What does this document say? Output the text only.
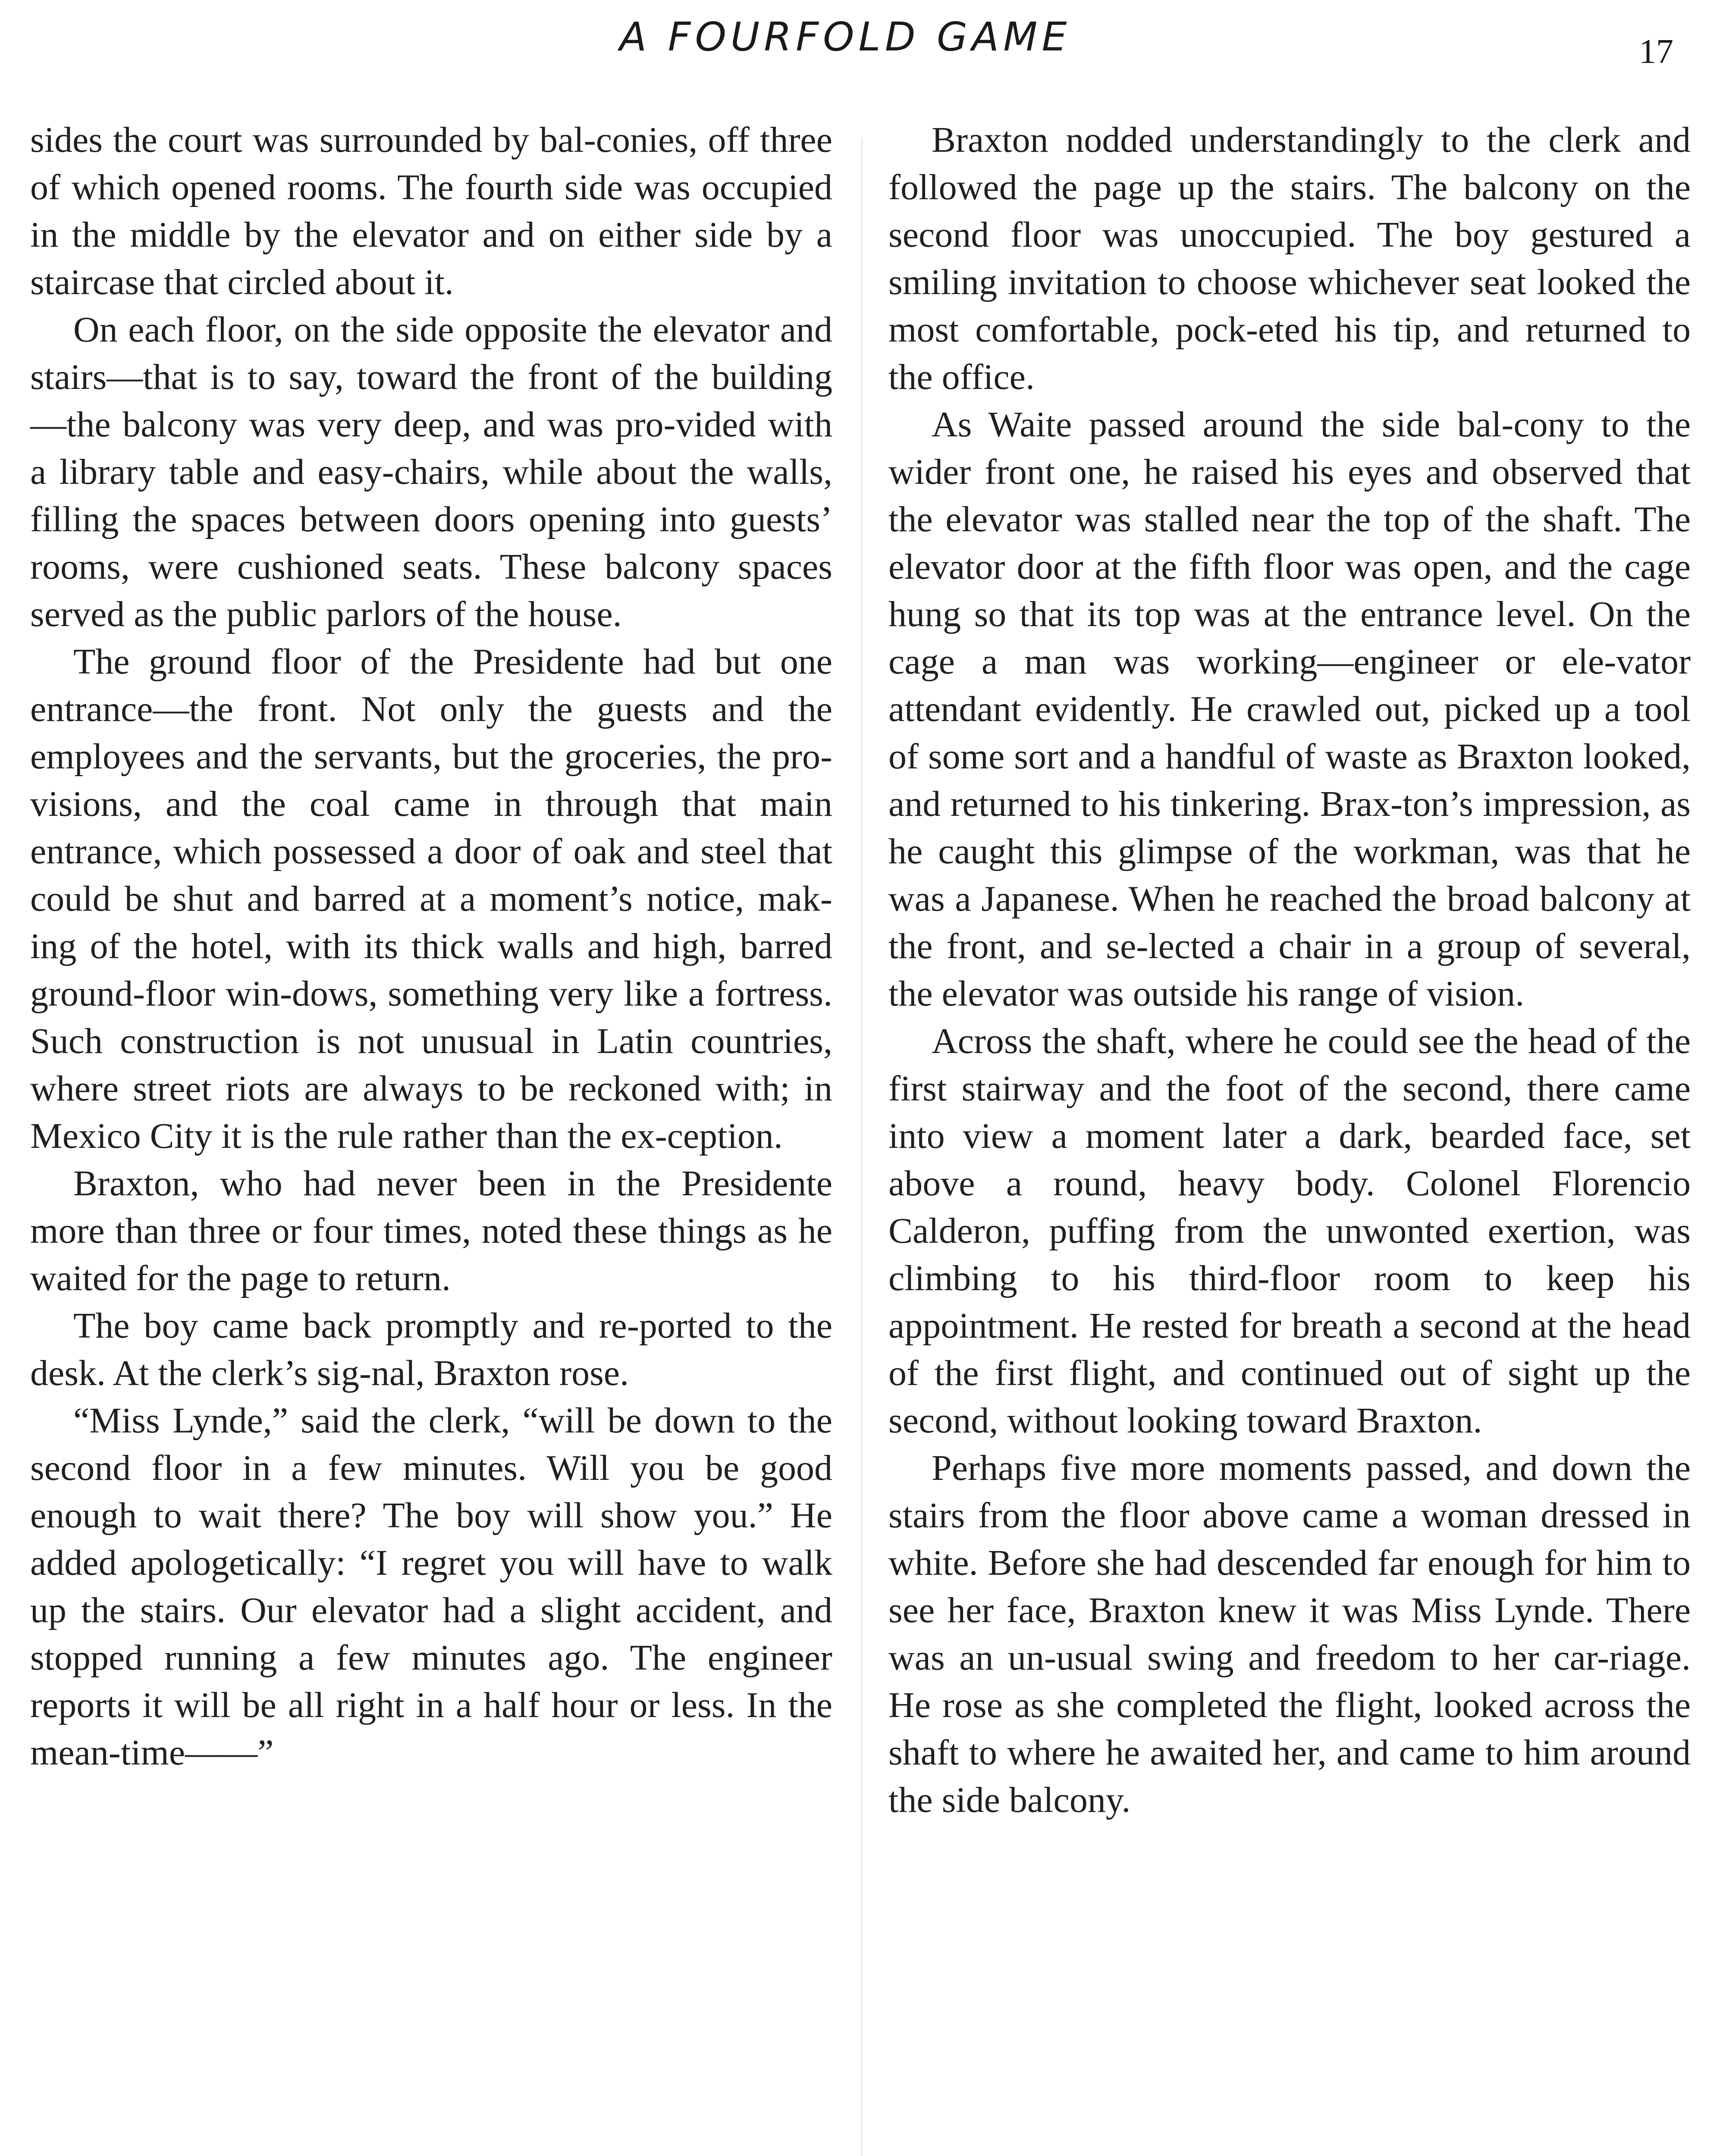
A FOURFOLD GAME	17

sides the court was surrounded by bal-conies, off three of which opened rooms. The fourth side was occupied in the middle by the elevator and on either side by a staircase that circled about it.

On each floor, on the side opposite the elevator and stairs—that is to say, toward the front of the building—the balcony was very deep, and was pro-vided with a library table and easy-chairs, while about the walls, filling the spaces between doors opening into guests’ rooms, were cushioned seats. These balcony spaces served as the public parlors of the house.

The ground floor of the Presidente had but one entrance—the front. Not only the guests and the employees and the servants, but the groceries, the pro-visions, and the coal came in through that main entrance, which possessed a door of oak and steel that could be shut and barred at a moment’s notice, mak-ing of the hotel, with its thick walls and high, barred ground-floor win-dows, something very like a fortress. Such construction is not unusual in Latin countries, where street riots are always to be reckoned with; in Mexico City it is the rule rather than the ex-ception.

Braxton, who had never been in the Presidente more than three or four times, noted these things as he waited for the page to return.

The boy came back promptly and re-ported to the desk. At the clerk’s sig-nal, Braxton rose.

“Miss Lynde,” said the clerk, “will be down to the second floor in a few minutes. Will you be good enough to wait there? The boy will show you.” He added apologetically: “I regret you will have to walk up the stairs. Our elevator had a slight accident, and stopped running a few minutes ago. The engineer reports it will be all right in a half hour or less. In the mean-time——”

Braxton nodded understandingly to the clerk and followed the page up the stairs. The balcony on the second floor was unoccupied. The boy gestured a smiling invitation to choose whichever seat looked the most comfortable, pock-eted his tip, and returned to the office.

As Waite passed around the side bal-cony to the wider front one, he raised his eyes and observed that the elevator was stalled near the top of the shaft. The elevator door at the fifth floor was open, and the cage hung so that its top was at the entrance level. On the cage a man was working—engineer or ele-vator attendant evidently. He crawled out, picked up a tool of some sort and a handful of waste as Braxton looked, and returned to his tinkering. Brax-ton’s impression, as he caught this glimpse of the workman, was that he was a Japanese. When he reached the broad balcony at the front, and se-lected a chair in a group of several, the elevator was outside his range of vision.

Across the shaft, where he could see the head of the first stairway and the foot of the second, there came into view a moment later a dark, bearded face, set above a round, heavy body. Colonel Florencio Calderon, puffing from the unwonted exertion, was climbing to his third-floor room to keep his appointment. He rested for breath a second at the head of the first flight, and continued out of sight up the second, without looking toward Braxton.

Perhaps five more moments passed, and down the stairs from the floor above came a woman dressed in white. Before she had descended far enough for him to see her face, Braxton knew it was Miss Lynde. There was an un-usual swing and freedom to her car-riage. He rose as she completed the flight, looked across the shaft to where he awaited her, and came to him around the side balcony.
